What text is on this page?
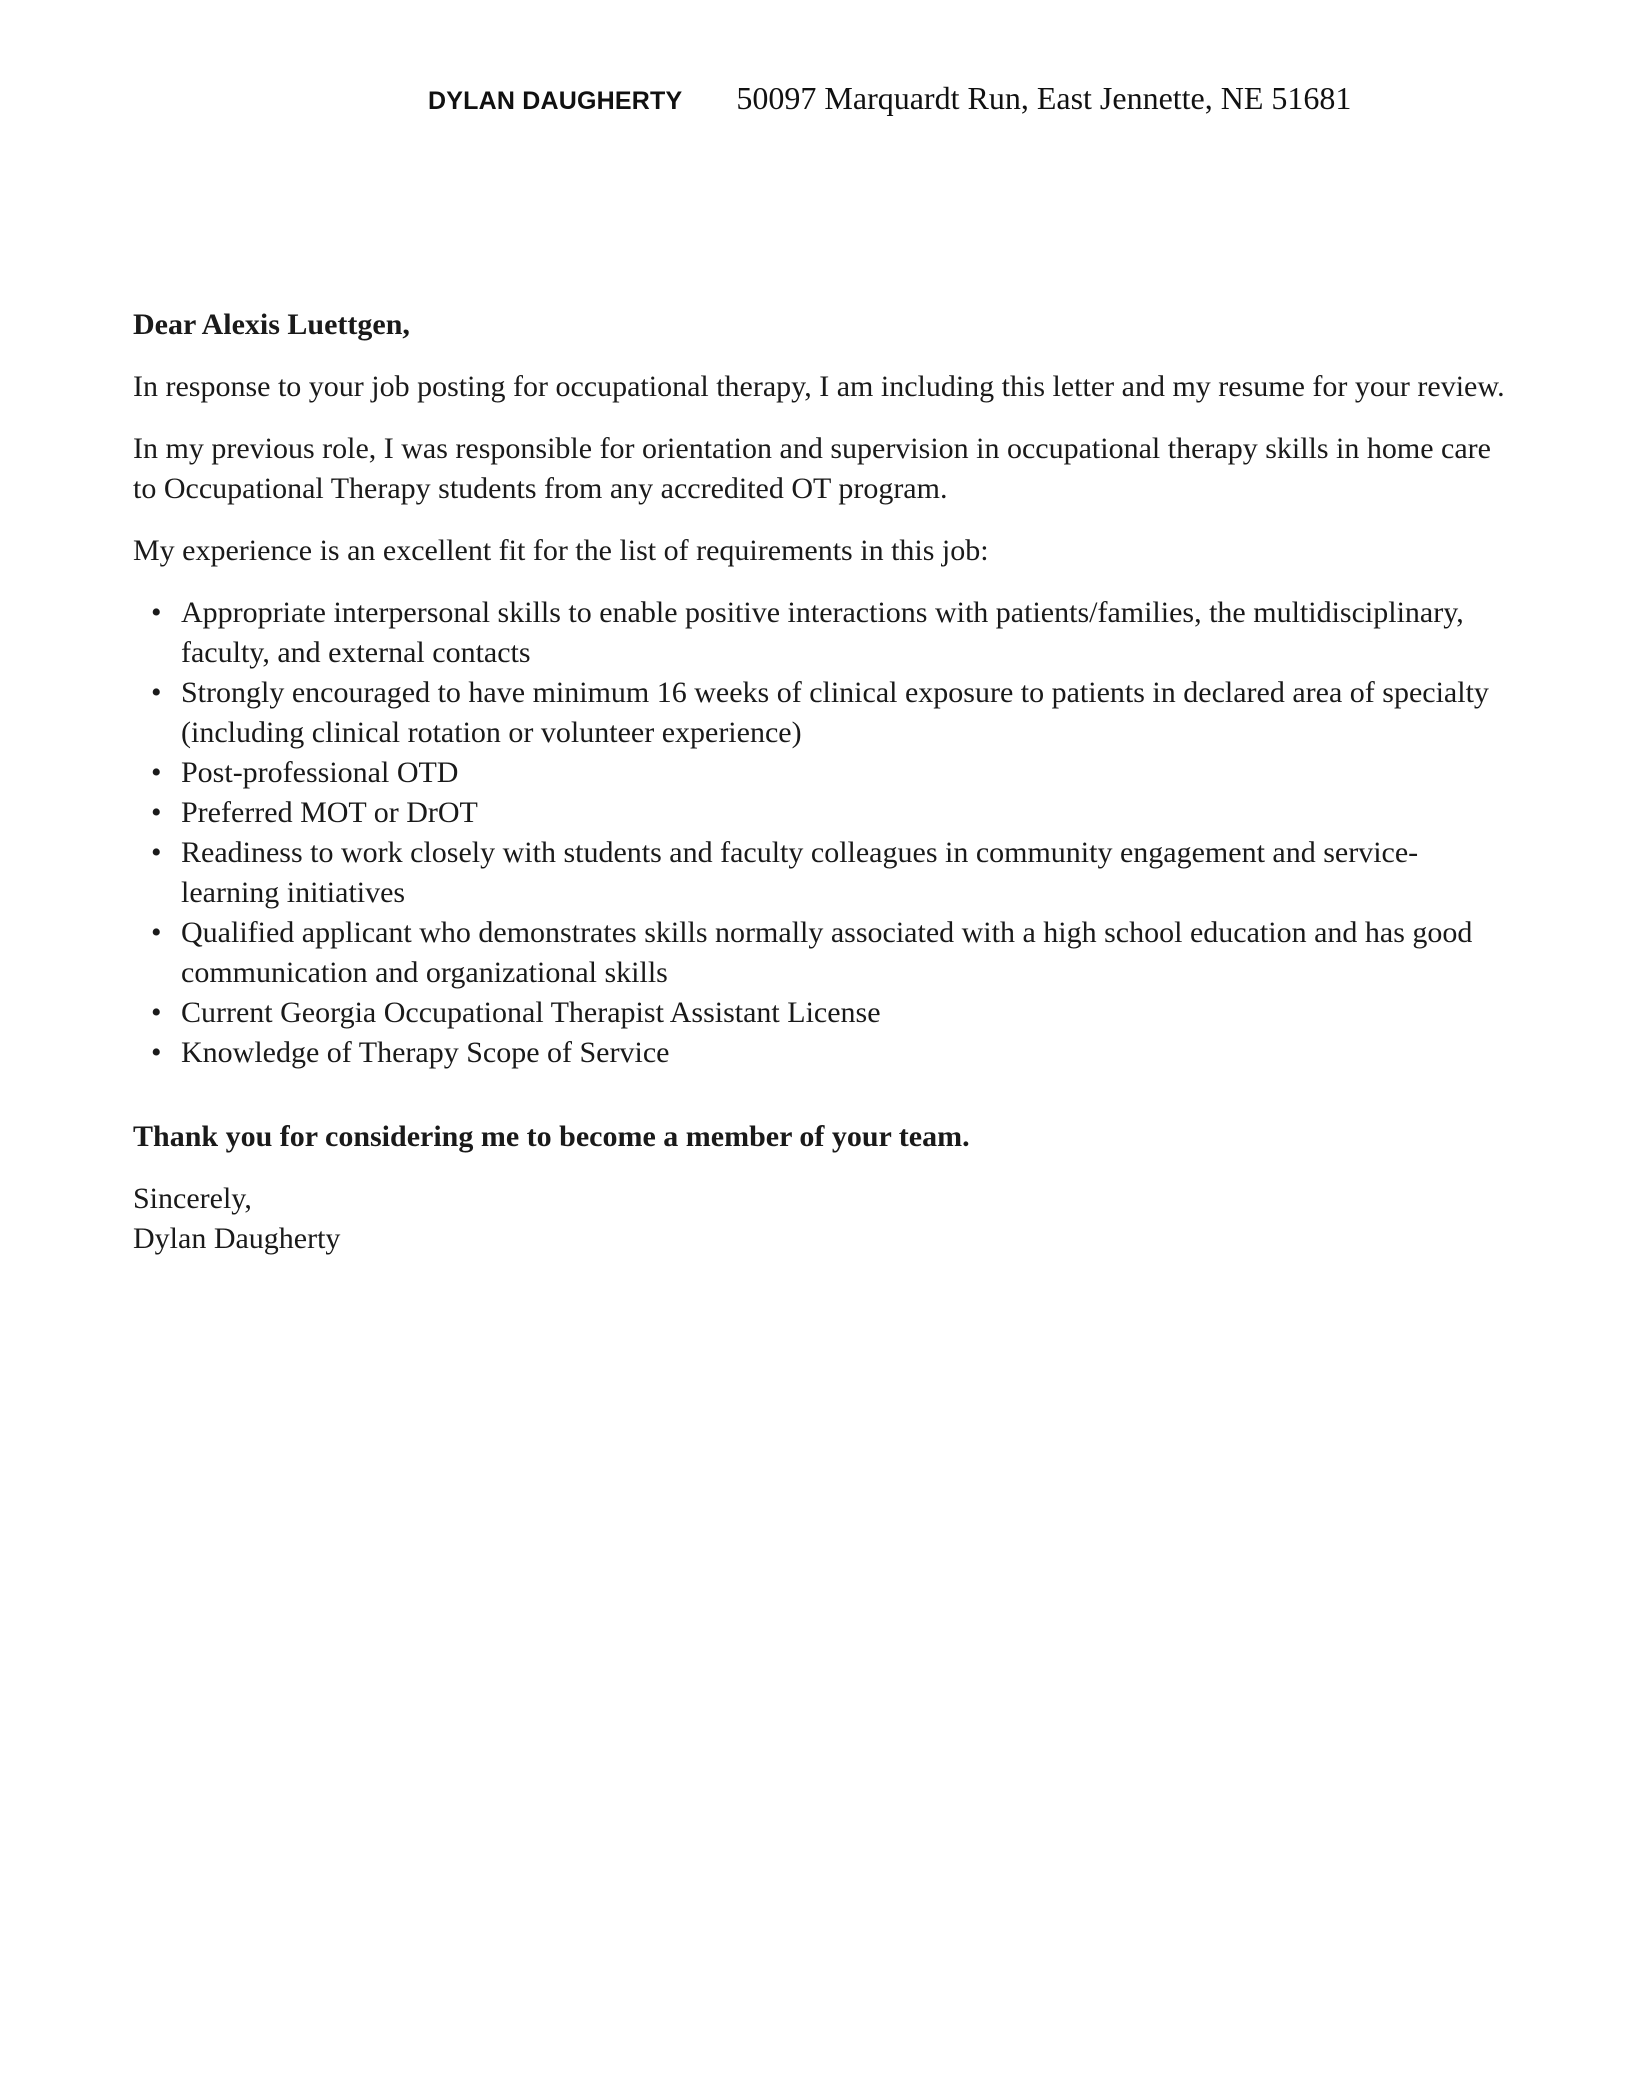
DYLAN DAUGHERTY 50097 Marquardt Run, East Jennette, NE 51681

Dear Alexis Luettgen,

In response to your job posting for occupational therapy, I am including this letter and my resume for your review.

In my previous role, I was responsible for orientation and supervision in occupational therapy skills in home care to Occupational Therapy students from any accredited OT program.

My experience is an excellent fit for the list of requirements in this job:

• Appropriate interpersonal skills to enable positive interactions with patients/families, the multidisciplinary, faculty, and external contacts
• Strongly encouraged to have minimum 16 weeks of clinical exposure to patients in declared area of specialty (including clinical rotation or volunteer experience)
• Post-professional OTD
• Preferred MOT or DrOT
• Readiness to work closely with students and faculty colleagues in community engagement and service-learning initiatives
• Qualified applicant who demonstrates skills normally associated with a high school education and has good communication and organizational skills
• Current Georgia Occupational Therapist Assistant License
• Knowledge of Therapy Scope of Service

Thank you for considering me to become a member of your team.

Sincerely,
Dylan Daugherty
